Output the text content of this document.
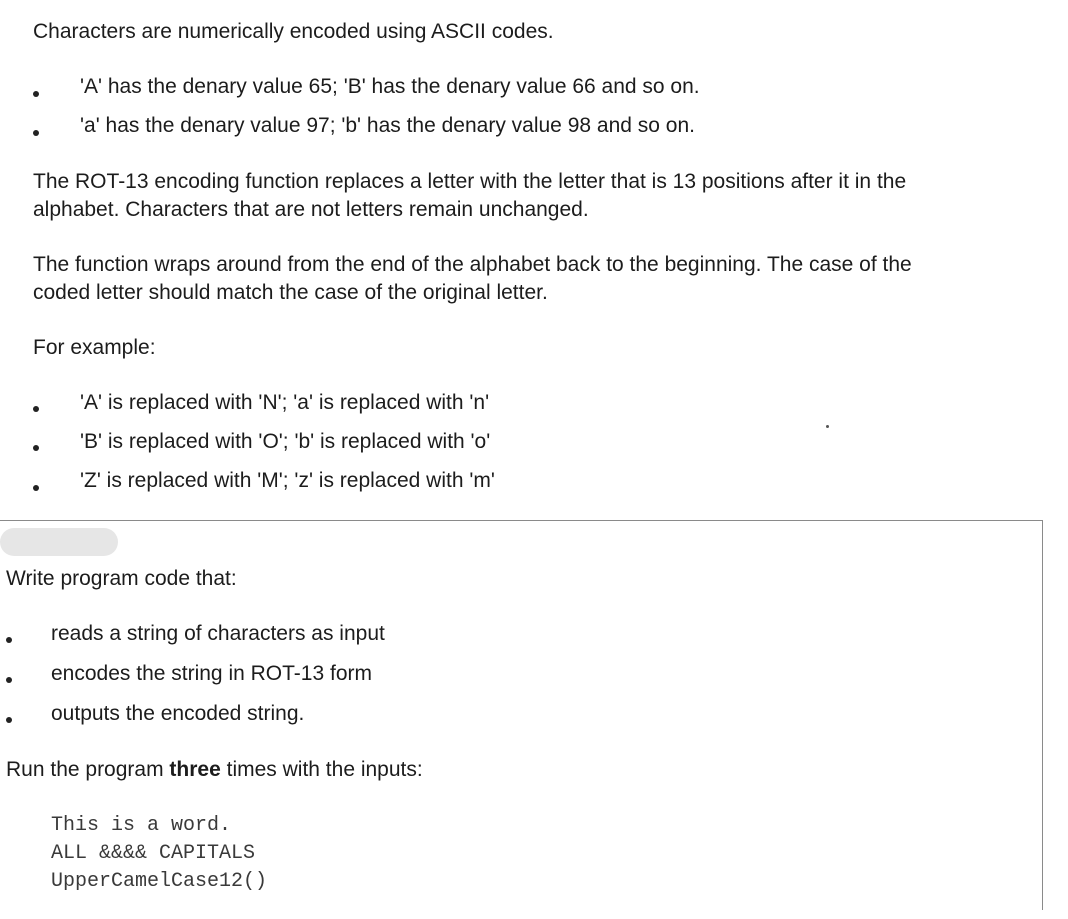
Characters are numerically encoded using ASCII codes.
'A' has the denary value 65; 'B' has the denary value 66 and so on.
'a' has the denary value 97; 'b' has the denary value 98 and so on.
The ROT-13 encoding function replaces a letter with the letter that is 13 positions after it in the
alphabet. Characters that are not letters remain unchanged.
The function wraps around from the end of the alphabet back to the beginning. The case of the
coded letter should match the case of the original letter.
For example:
'A' is replaced with 'N'; 'a' is replaced with 'n'
'B' is replaced with 'O'; 'b' is replaced with 'o'
'Z' is replaced with 'M'; 'z' is replaced with 'm'
Write program code that:
reads a string of characters as input
encodes the string in ROT-13 form
outputs the encoded string.
Run the program three times with the inputs:
This is a word.
ALL &&&& CAPITALS
UpperCamelCase12()
